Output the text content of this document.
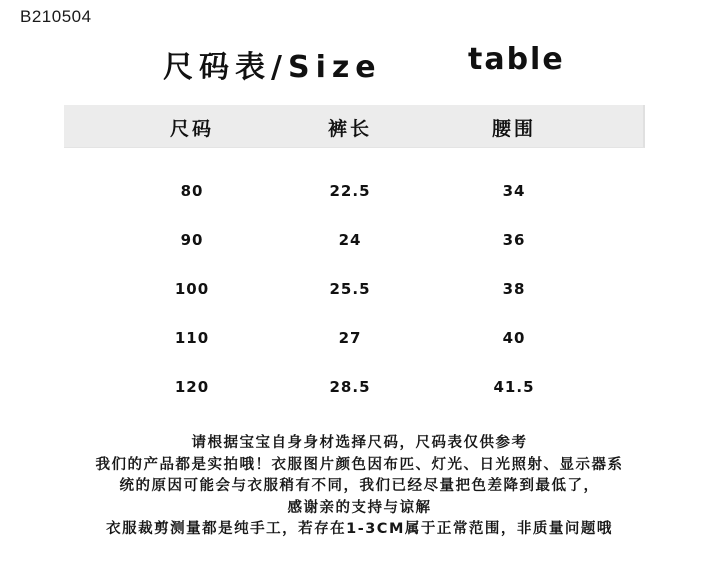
B210504
尺码表/Size	table
尺码	裤长	腰围
80	22.5	34
90	24	36
100	25.5	38
110	27	40
120	28.5	41.5
请根据宝宝自身身材选择尺码，尺码表仅供参考
我们的产品都是实拍哦！衣服图片颜色因布匹、灯光、日光照射、显示器系
统的原因可能会与衣服稍有不同，我们已经尽量把色差降到最低了，
感谢亲的支持与谅解
衣服裁剪测量都是纯手工，若存在1-3CM属于正常范围，非质量问题哦
